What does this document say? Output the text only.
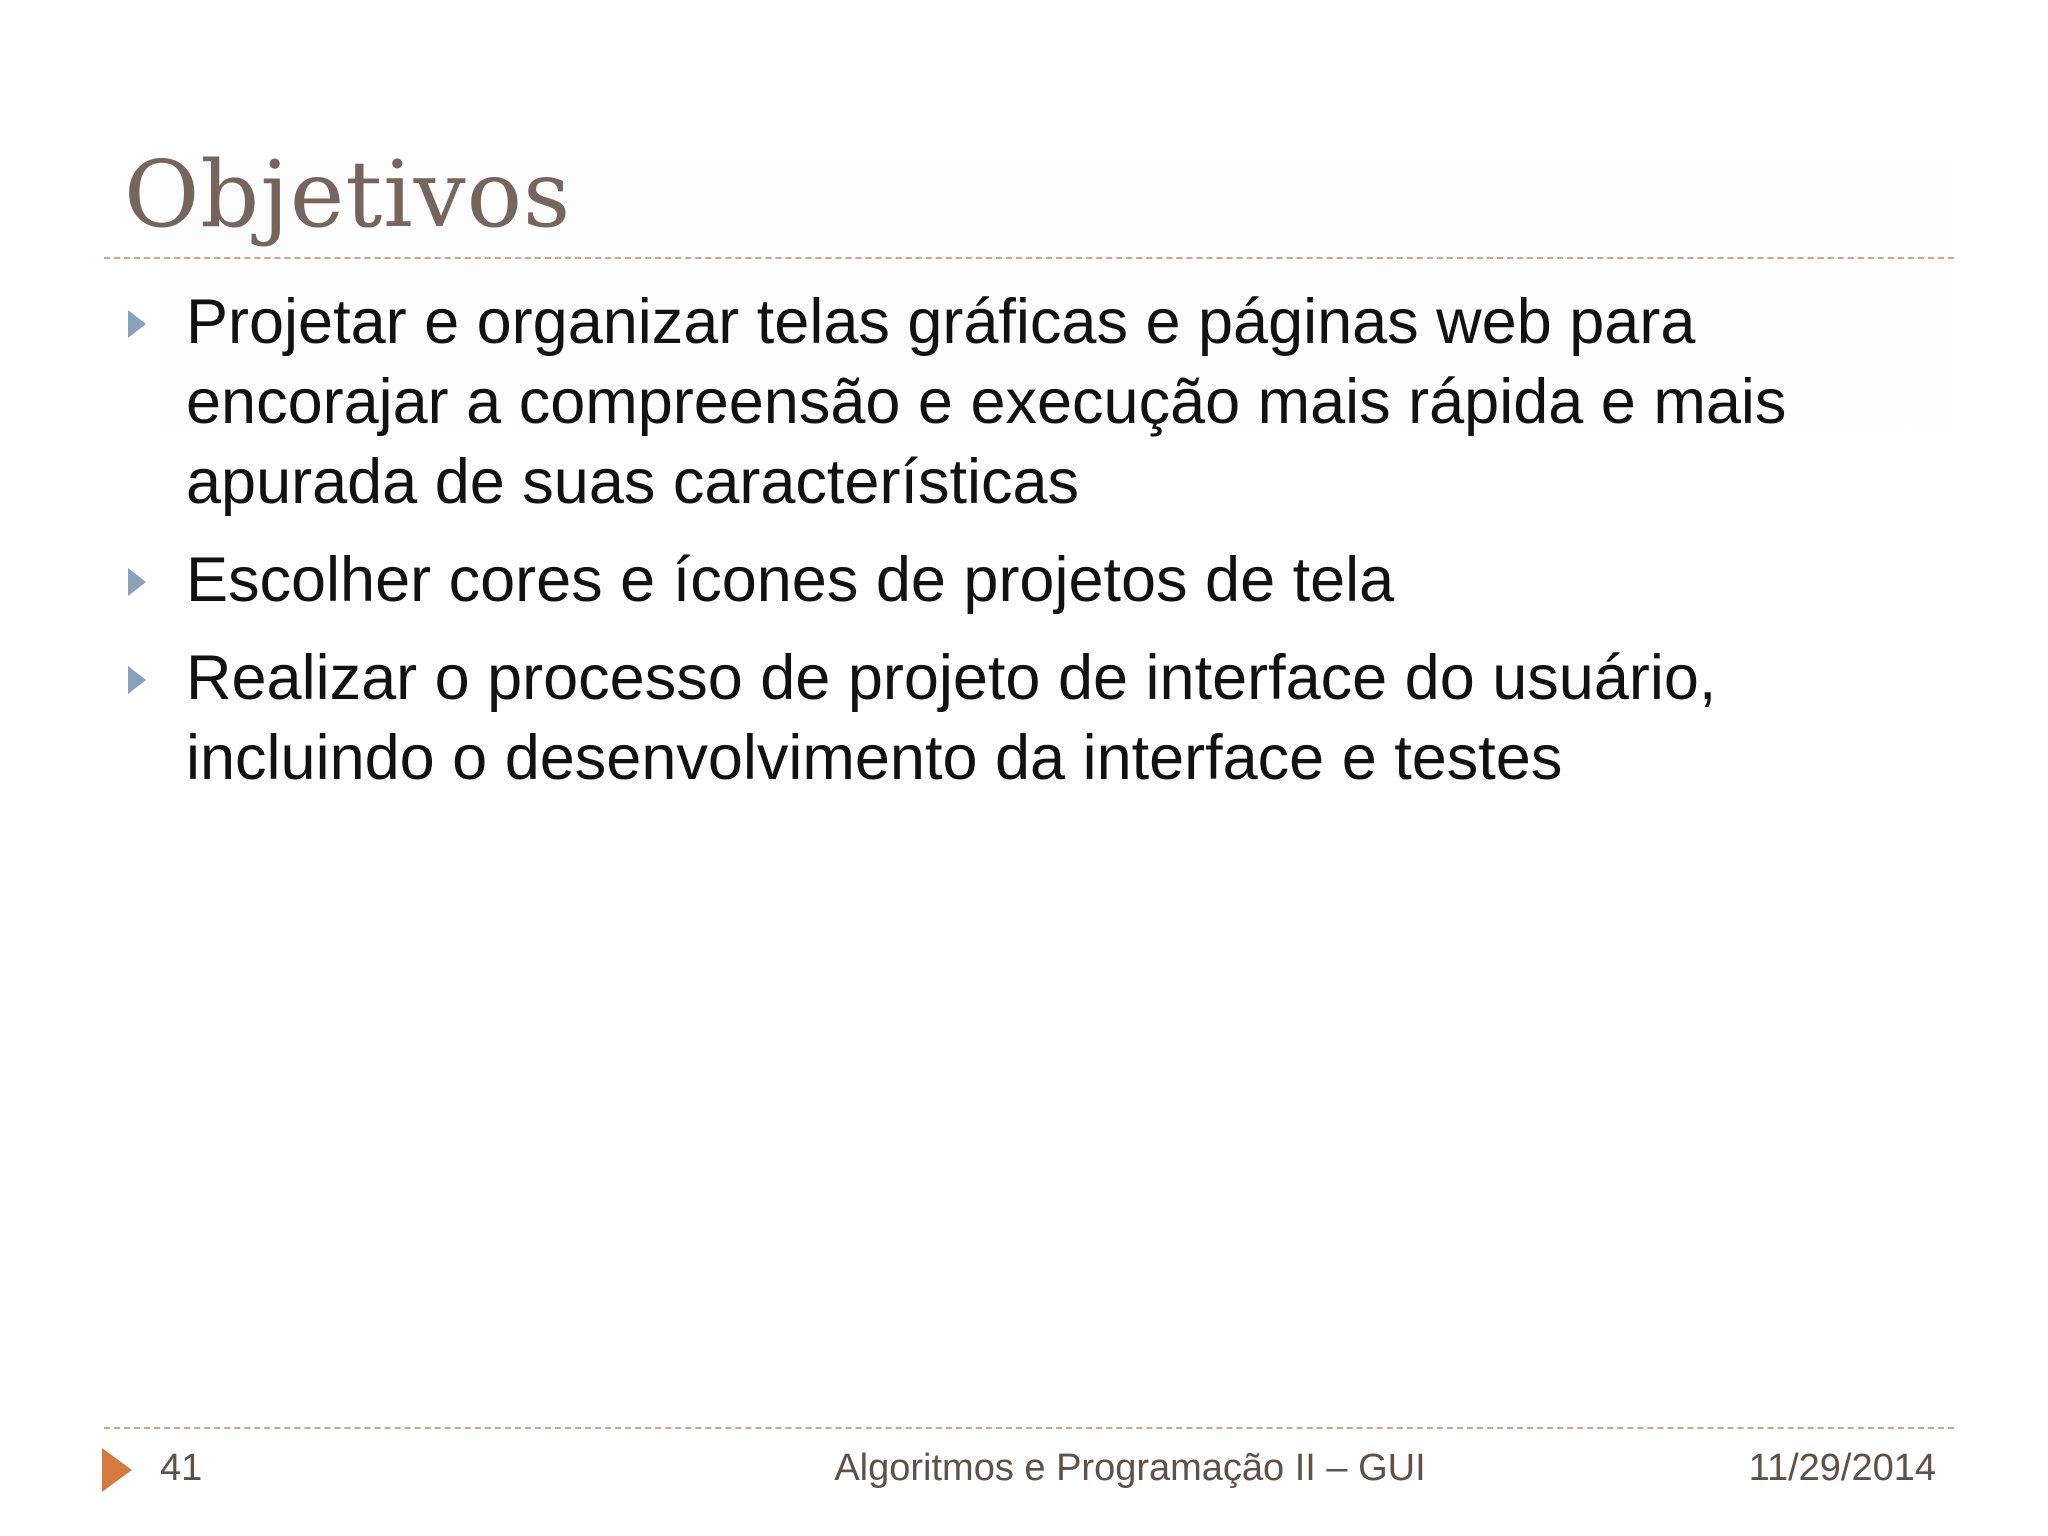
Objetivos
Projetar e organizar telas gráficas e páginas web para encorajar a compreensão e execução mais rápida e mais apurada de suas características
Escolher cores e ícones de projetos de tela
Realizar o processo de projeto de interface do usuário, incluindo o desenvolvimento da interface e testes
41	Algoritmos e Programação II – GUI	11/29/2014
